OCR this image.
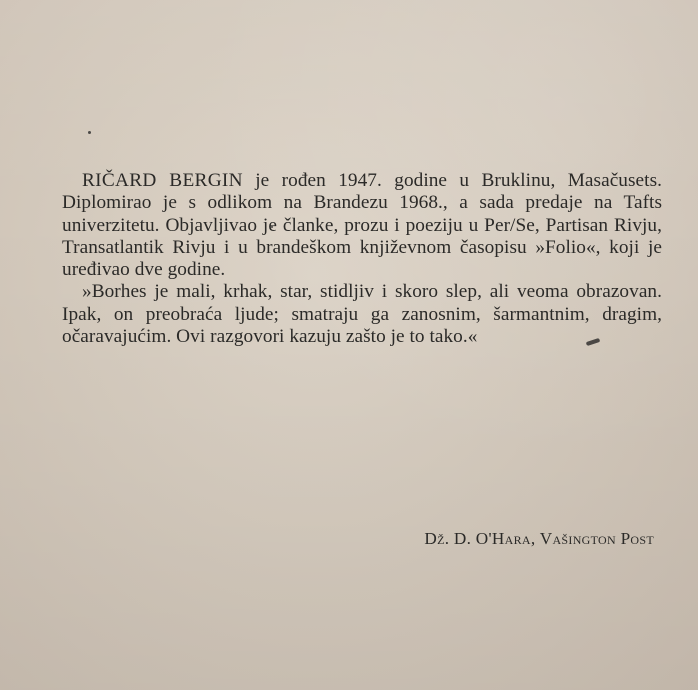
RIČARD BERGIN je rođen 1947. godine u Bruklinu, Masačusets. Diplomirao je s odlikom na Brandezu 1968., a sada predaje na Tafts univerzitetu. Objavljivao je članke, prozu i poeziju u Per/Se, Partisan Rivju, Transatlantik Rivju i u brandeškom književnom časopisu »Folio«, koji je uređivao dve godine.

»Borhes je mali, krhak, star, stidljiv i skoro slep, ali veoma obrazovan. Ipak, on preobraća ljude; smatraju ga zanosnim, šarmantnim, dragim, očaravajućim. Ovi razgovori kazuju zašto je to tako.«

Dž. D. O'Hara, Vašington Post
